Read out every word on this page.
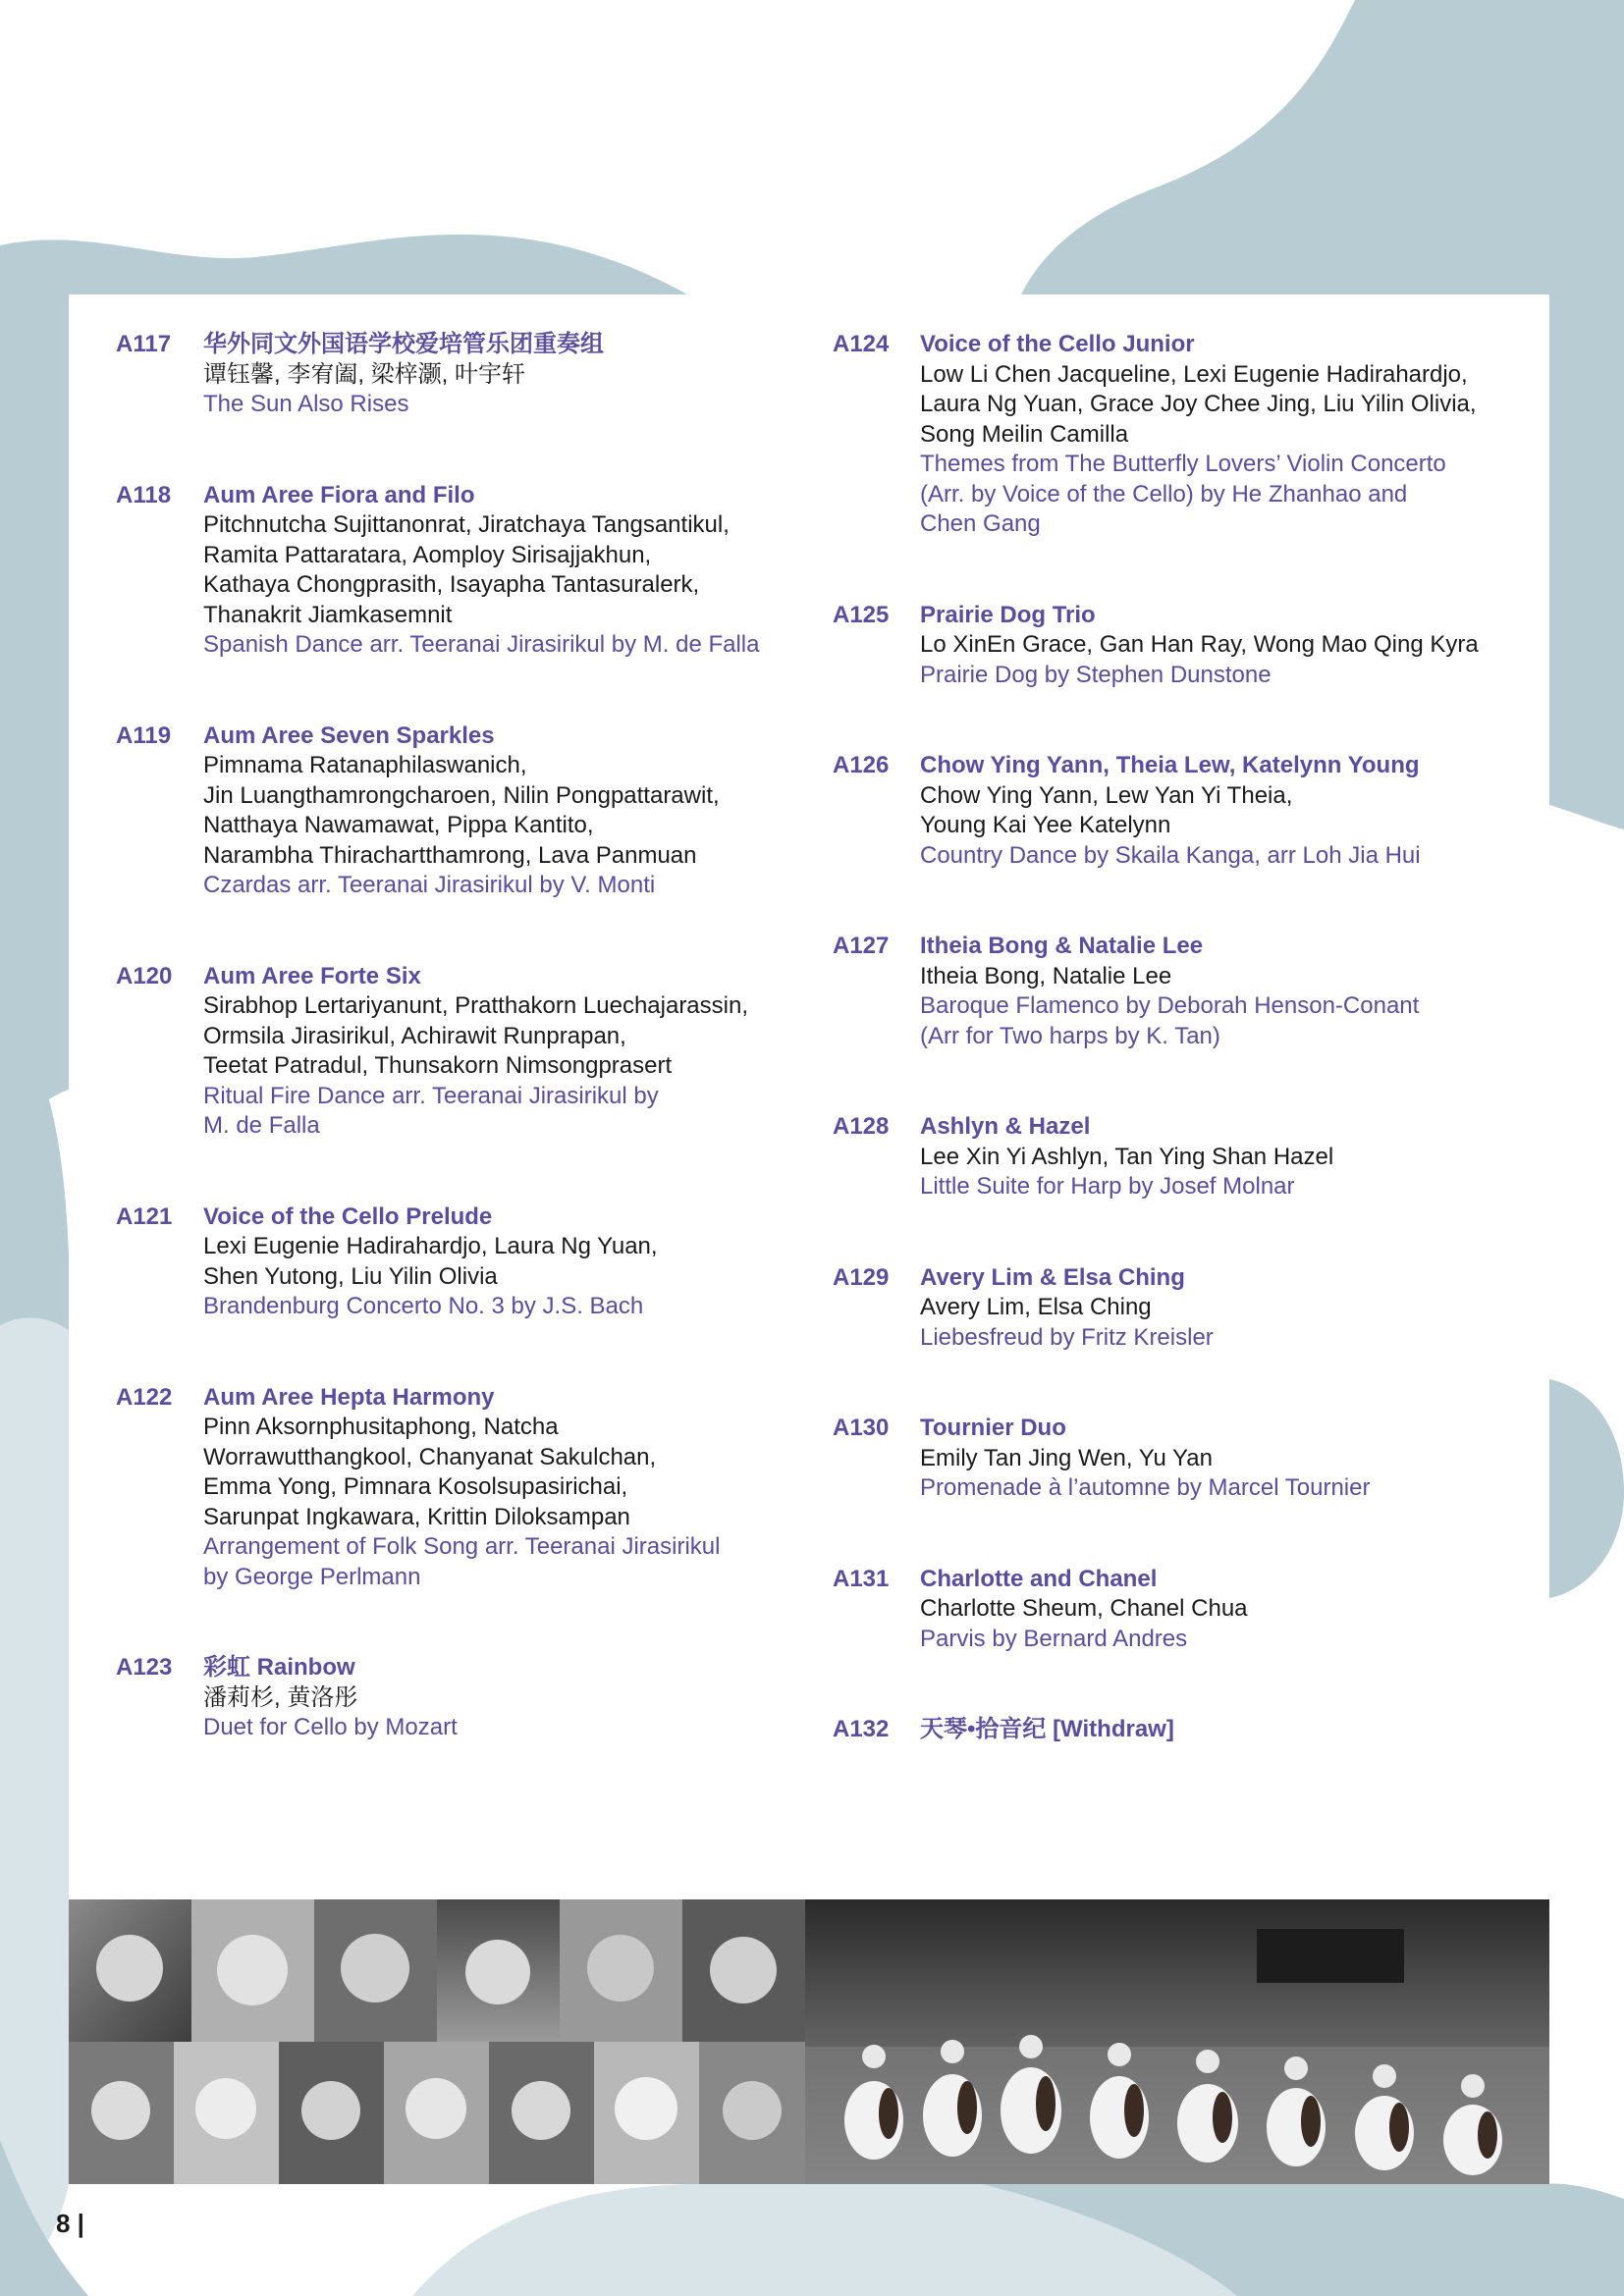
A117 华外同文外国语学校爱培管乐团重奏组
谭钰馨, 李宥阖, 梁梓灏, 叶宇轩
The Sun Also Rises
A118 Aum Aree Fiora and Filo
Pitchnutcha Sujittanonrat, Jiratchaya Tangsantikul,
Ramita Pattaratara, Aomploy Sirisajjakhun,
Kathaya Chongprasith, Isayapha Tantasuralerk,
Thanakrit Jiamkasemnit
Spanish Dance arr. Teeranai Jirasirikul by M. de Falla
A119 Aum Aree Seven Sparkles
Pimnama Ratanaphilaswanich,
Jin Luangthamrongcharoen, Nilin Pongpattarawit,
Natthaya Nawamawat, Pippa Kantito,
Narambha Thirachartthamrong, Lava Panmuan
Czardas arr. Teeranai Jirasirikul by V. Monti
A120 Aum Aree Forte Six
Sirabhop Lertariyanunt, Pratthakorn Luechajarassin,
Ormsila Jirasirikul, Achirawit Runprapan,
Teetat Patradul, Thunsakorn Nimsongprasert
Ritual Fire Dance arr. Teeranai Jirasirikul by
M. de Falla
A121 Voice of the Cello Prelude
Lexi Eugenie Hadirahardjo, Laura Ng Yuan,
Shen Yutong, Liu Yilin Olivia
Brandenburg Concerto No. 3 by J.S. Bach
A122 Aum Aree Hepta Harmony
Pinn Aksornphusitaphong, Natcha
Worrawutthangkool, Chanyanat Sakulchan,
Emma Yong, Pimnara Kosolsupasirichai,
Sarunpat Ingkawara, Krittin Diloksampan
Arrangement of Folk Song arr. Teeranai Jirasirikul
by George Perlmann
A123 彩虹 Rainbow
潘莉杉, 黄洛彤
Duet for Cello by Mozart
A124 Voice of the Cello Junior
Low Li Chen Jacqueline, Lexi Eugenie Hadirahardjo,
Laura Ng Yuan, Grace Joy Chee Jing, Liu Yilin Olivia,
Song Meilin Camilla
Themes from The Butterfly Lovers’ Violin Concerto
(Arr. by Voice of the Cello) by He Zhanhao and
Chen Gang
A125 Prairie Dog Trio
Lo XinEn Grace, Gan Han Ray, Wong Mao Qing Kyra
Prairie Dog by Stephen Dunstone
A126 Chow Ying Yann, Theia Lew, Katelynn Young
Chow Ying Yann, Lew Yan Yi Theia,
Young Kai Yee Katelynn
Country Dance by Skaila Kanga, arr Loh Jia Hui
A127 Itheia Bong & Natalie Lee
Itheia Bong, Natalie Lee
Baroque Flamenco by Deborah Henson-Conant
(Arr for Two harps by K. Tan)
A128 Ashlyn & Hazel
Lee Xin Yi Ashlyn, Tan Ying Shan Hazel
Little Suite for Harp by Josef Molnar
A129 Avery Lim & Elsa Ching
Avery Lim, Elsa Ching
Liebesfreud by Fritz Kreisler
A130 Tournier Duo
Emily Tan Jing Wen, Yu Yan
Promenade à l’automne by Marcel Tournier
A131 Charlotte and Chanel
Charlotte Sheum, Chanel Chua
Parvis by Bernard Andres
A132 天琴•拾音纪 [Withdraw]
8 |
